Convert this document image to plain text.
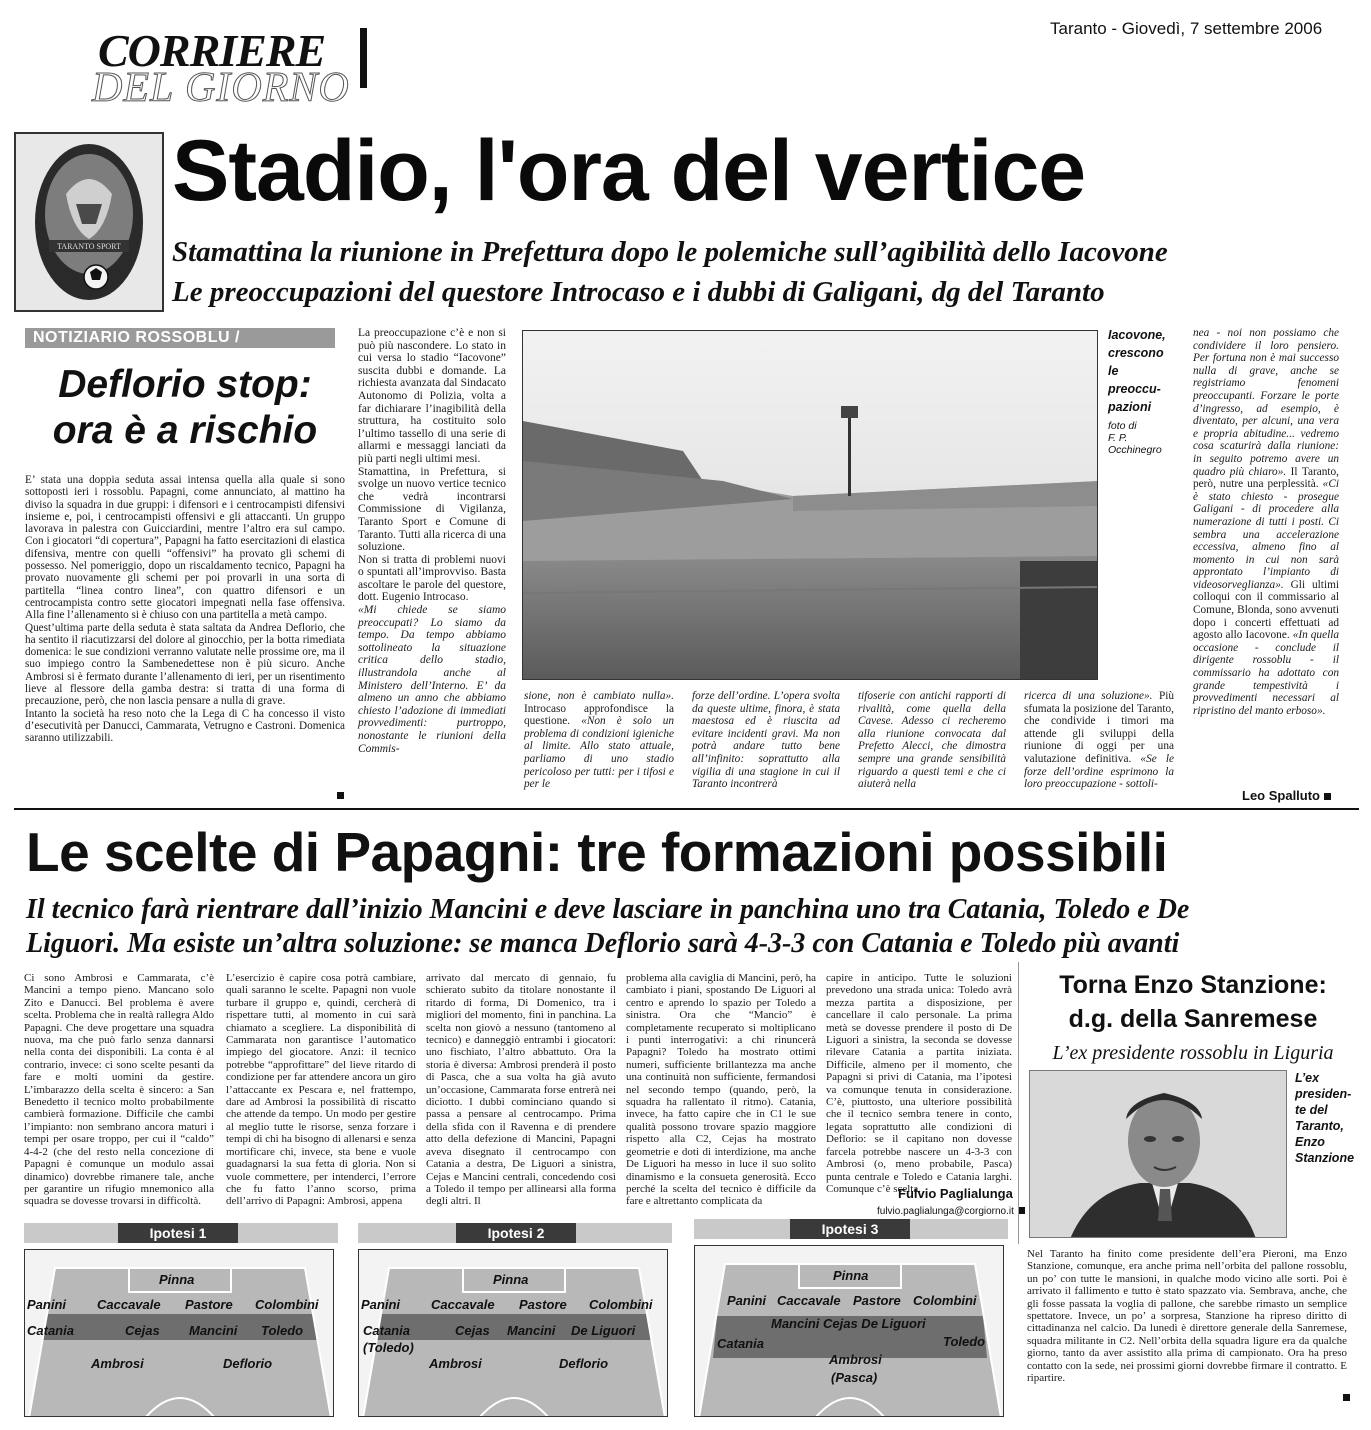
CORRIERE
DEL GIORNO
Taranto - Giovedì, 7 settembre 2006
TARANTO SPORT
Stadio, l'ora del vertice
Stamattina la riunione in Prefettura dopo le polemiche sull’agibilità dello Iacovone
Le preoccupazioni del questore Introcaso e i dubbi di Galigani, dg del Taranto
NOTIZIARIO ROSSOBLU /
Deflorio stop:
ora è a rischio

E’ stata una doppia seduta assai intensa quella alla quale si sono sottoposti ieri i rossoblu. Papagni, come annunciato, al mattino ha diviso la squadra in due gruppi: i difensori e i centrocampisti difensivi insieme e, poi, i centrocampisti offensivi e gli attaccanti. Un gruppo lavorava in palestra con Guicciardini, mentre l’altro era sul campo. Con i giocatori “di copertura”, Papagni ha fatto esercitazioni di elastica difensiva, mentre con quelli “offensivi” ha provato gli schemi di possesso. Nel pomeriggio, dopo un riscaldamento tecnico, Papagni ha provato nuovamente gli schemi per poi provarli in una sorta di partitella “linea contro linea”, con quattro difensori e un centrocampista contro sette giocatori impegnati nella fase offensiva. Alla fine l’allenamento si è chiuso con una partitella a metà campo.

Quest’ultima parte della seduta è stata saltata da Andrea Deflorio, che ha sentito il riacutizzarsi del dolore al ginocchio, per la botta rimediata domenica: le sue condizioni verranno valutate nelle prossime ore, ma il suo impiego contro la Sambenedettese non è più sicuro. Anche Ambrosi si è fermato durante l’allenamento di ieri, per un risentimento lieve al flessore della gamba destra: si tratta di una forma di precauzione, però, che non lascia pensare a nulla di grave.

Intanto la società ha reso noto che la Lega di C ha concesso il visto d’esecutività per Danucci, Cammarata, Vetrugno e Castroni. Domenica saranno utilizzabili.

La preoccupazione c’è e non si può più nascondere. Lo stato in cui versa lo stadio “Iacovone” suscita dubbi e domande. La richiesta avanzata dal Sindacato Autonomo di Polizia, volta a far dichiarare l’inagibilità della struttura, ha costituito solo l’ultimo tassello di una serie di allarmi e messaggi lanciati da più parti negli ultimi mesi.

Stamattina, in Prefettura, si svolge un nuovo vertice tecnico che vedrà incontrarsi Commissione di Vigilanza, Taranto Sport e Comune di Taranto. Tutti alla ricerca di una soluzione.

Non si tratta di problemi nuovi o spuntati all’improvviso. Basta ascoltare le parole del questore, dott. Eugenio Introcaso.

«Mi chiede se siamo preoccupati? Lo siamo da tempo. Da tempo abbiamo sottolineato la situazione critica dello stadio, illustrandola anche al Ministero dell’Interno. E’ da almeno un anno che abbiamo chiesto l’adozione di immediati provvedimenti: purtroppo, nonostante le riunioni della Commis-

Iacovone,
crescono
le
preoccu-
pazioni
foto di
F. P.
Occhinegro
sione, non è cambiato nulla». Introcaso approfondisce la questione. «Non è solo un problema di condizioni igieniche al limite. Allo stato attuale, parliamo di uno stadio pericoloso per tutti: per i tifosi e per le
forze dell’ordine. L’opera svolta da queste ultime, finora, è stata maestosa ed è riuscita ad evitare incidenti gravi. Ma non potrà andare tutto bene all’infinito: soprattutto alla vigilia di una stagione in cui il Taranto incontrerà
tifoserie con antichi rapporti di rivalità, come quella della Cavese. Adesso ci recheremo alla riunione convocata dal Prefetto Alecci, che dimostra sempre una grande sensibilità riguardo a questi temi e che ci aiuterà nella
ricerca di una soluzione». Più sfumata la posizione del Taranto, che condivide i timori ma attende gli sviluppi della riunione di oggi per una valutazione definitiva. «Se le forze dell’ordine esprimono la loro preoccupazione - sottoli-
nea - noi non possiamo che condividere il loro pensiero. Per fortuna non è mai successo nulla di grave, anche se registriamo fenomeni preoccupanti. Forzare le porte d’ingresso, ad esempio, è diventato, per alcuni, una vera e propria abitudine... vedremo cosa scaturirà dalla riunione: in seguito potremo avere un quadro più chiaro». Il Taranto, però, nutre una perplessità. «Ci è stato chiesto - prosegue Galigani - di procedere alla numerazione di tutti i posti. Ci sembra una accelerazione eccessiva, almeno fino al momento in cui non sarà approntato l’impianto di videosorveglianza». Gli ultimi colloqui con il commissario al Comune, Blonda, sono avvenuti dopo i concerti effettuati ad agosto allo Iacovone. «In quella occasione - conclude il dirigente rossoblu - il commissario ha adottato con grande tempestività i provvedimenti necessari al ripristino del manto erboso».
Leo Spalluto
Le scelte di Papagni: tre formazioni possibili
Il tecnico farà rientrare dall’inizio Mancini e deve lasciare in panchina uno tra Catania, Toledo e De
Liguori. Ma esiste un’altra soluzione: se manca Deflorio sarà 4-3-3 con Catania e Toledo più avanti
Ci sono Ambrosi e Cammarata, c’è Mancini a tempo pieno. Mancano solo Zito e Danucci. Bel problema è avere scelta. Problema che in realtà rallegra Aldo Papagni. Che deve progettare una squadra nuova, ma che può farlo senza dannarsi nella conta dei disponibili. La conta è al contrario, invece: ci sono scelte pesanti da fare e molti uomini da gestire. L’imbarazzo della scelta è sincero: a San Benedetto il tecnico molto probabilmente cambierà formazione. Difficile che cambi l’impianto: non sembrano ancora maturi i tempi per osare troppo, per cui il “caldo” 4-4-2 (che del resto nella concezione di Papagni è comunque un modulo assai dinamico) dovrebbe rimanere tale, anche per garantire un rifugio mnemonico alla squadra se dovesse trovarsi in difficoltà.
L’esercizio è capire cosa potrà cambiare, quali saranno le scelte. Papagni non vuole turbare il gruppo e, quindi, cercherà di rispettare tutti, al momento in cui sarà chiamato a scegliere. La disponibilità di Cammarata non garantisce l’automatico impiego del giocatore. Anzi: il tecnico potrebbe “approfittare” del lieve ritardo di condizione per far attendere ancora un giro l’attaccante ex Pescara e, nel frattempo, dare ad Ambrosi la possibilità di riscatto che attende da tempo. Un modo per gestire al meglio tutte le risorse, senza forzare i tempi di chi ha bisogno di allenarsi e senza mortificare chi, invece, sta bene e vuole guadagnarsi la sua fetta di gloria. Non si vuole commettere, per intenderci, l’errore che fu fatto l’anno scorso, prima dell’arrivo di Papagni: Ambrosi, appena
arrivato dal mercato di gennaio, fu schierato subito da titolare nonostante il ritardo di forma, Di Domenico, tra i migliori del momento, finì in panchina. La scelta non giovò a nessuno (tantomeno al tecnico) e danneggiò entrambi i giocatori: uno fischiato, l’altro abbattuto. Ora la storia è diversa: Ambrosi prenderà il posto di Pasca, che a sua volta ha già avuto un’occasione, Cammarata forse entrerà nei diciotto. I dubbi cominciano quando si passa a pensare al centrocampo. Prima della sfida con il Ravenna e di prendere atto della defezione di Mancini, Papagni aveva disegnato il centrocampo con Catania a destra, De Liguori a sinistra, Cejas e Mancini centrali, concedendo così a Toledo il tempo per allinearsi alla forma degli altri. Il
problema alla caviglia di Mancini, però, ha cambiato i piani, spostando De Liguori al centro e aprendo lo spazio per Toledo a sinistra. Ora che “Mancio” è completamente recuperato si moltiplicano i punti interrogativi: a chi rinuncerà Papagni? Toledo ha mostrato ottimi numeri, sufficiente brillantezza ma anche una continuità non sufficiente, fermandosi nel secondo tempo (quando, però, la squadra ha rallentato il ritmo). Catania, invece, ha fatto capire che in C1 le sue qualità possono trovare spazio maggiore rispetto alla C2, Cejas ha mostrato geometrie e doti di interdizione, ma anche De Liguori ha messo in luce il suo solito dinamismo e la consueta generosità. Ecco perché la scelta del tecnico è difficile da fare e altrettanto complicata da
capire in anticipo. Tutte le soluzioni prevedono una strada unica: Toledo avrà mezza partita a disposizione, per cancellare il calo personale. La prima metà se dovesse prendere il posto di De Liguori a sinistra, la seconda se dovesse rilevare Catania a partita iniziata. Difficile, almeno per il momento, che Papagni si privi di Catania, ma l’ipotesi va comunque tenuta in considerazione. C’è, piuttosto, una ulteriore possibilità che il tecnico sembra tenere in conto, legata soprattutto alle condizioni di Deflorio: se il capitano non dovesse farcela potrebbe nascere un 4-3-3 con Ambrosi (o, meno probabile, Pasca) punta centrale e Toledo e Catania larghi. Comunque c’è scelta.
Fulvio Paglialunga
fulvio.paglialunga@corgiorno.it
Torna Enzo Stanzione:
d.g. della Sanremese
L’ex presidente rossoblu in Liguria
L’ex
presiden-
te del
Taranto,
Enzo
Stanzione
Nel Taranto ha finito come presidente dell’era Pieroni, ma Enzo Stanzione, comunque, era anche prima nell’orbita del pallone rossoblu, un po’ con tutte le mansioni, in qualche modo vicino alle sorti. Poi è arrivato il fallimento e tutto è stato spazzato via. Sembrava, anche, che gli fosse passata la voglia di pallone, che sarebbe rimasto un semplice spettatore. Invece, un po’ a sorpresa, Stanzione ha ripreso diritto di cittadinanza nel calcio. Da lunedì è direttore generale della Sanremese, squadra militante in C2. Nell’orbita della squadra ligure era da qualche giorno, tanto da aver assistito alla prima di campionato. Ora ha preso contatto con la sede, nei prossimi giorni dovrebbe firmare il contratto. E ripartire.
Ipotesi 1
Pinna
Panini Caccavale Pastore Colombini
Catania	Cejas Mancini Toledo
Ambrosi	Deflorio
Ipotesi 2
Pinna
Panini Caccavale Pastore Colombini
Catania	Cejas Mancini De Liguori
(Toledo)
Ambrosi	Deflorio
Ipotesi 3
Pinna
Panini Caccavale Pastore Colombini
Mancini Cejas De Liguori
Catania	Toledo
Ambrosi
(Pasca)
